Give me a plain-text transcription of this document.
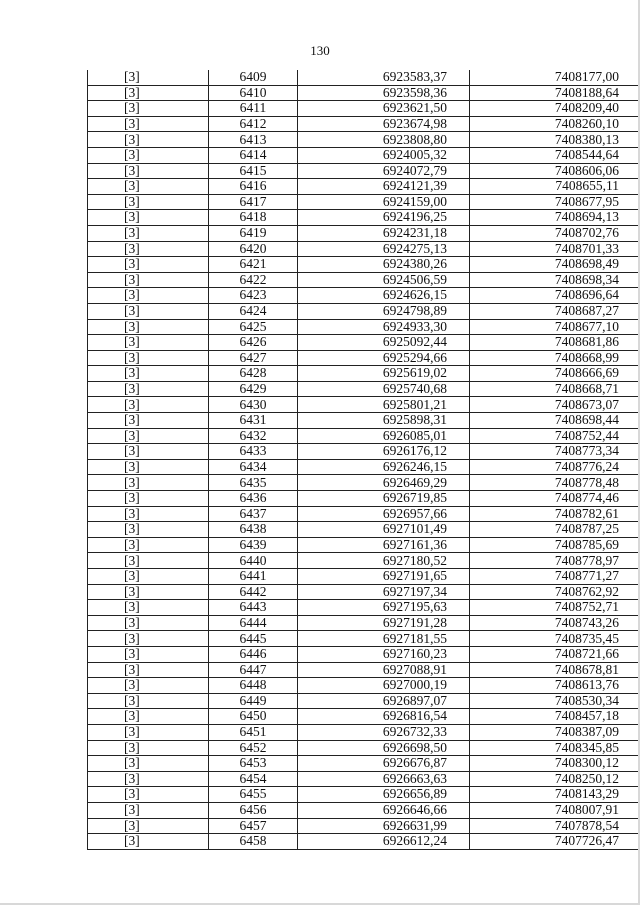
130
[3]	6409	6923583,37	7408177,00
[3]	6410	6923598,36	7408188,64
[3]	6411	6923621,50	7408209,40
[3]	6412	6923674,98	7408260,10
[3]	6413	6923808,80	7408380,13
[3]	6414	6924005,32	7408544,64
[3]	6415	6924072,79	7408606,06
[3]	6416	6924121,39	7408655,11
[3]	6417	6924159,00	7408677,95
[3]	6418	6924196,25	7408694,13
[3]	6419	6924231,18	7408702,76
[3]	6420	6924275,13	7408701,33
[3]	6421	6924380,26	7408698,49
[3]	6422	6924506,59	7408698,34
[3]	6423	6924626,15	7408696,64
[3]	6424	6924798,89	7408687,27
[3]	6425	6924933,30	7408677,10
[3]	6426	6925092,44	7408681,86
[3]	6427	6925294,66	7408668,99
[3]	6428	6925619,02	7408666,69
[3]	6429	6925740,68	7408668,71
[3]	6430	6925801,21	7408673,07
[3]	6431	6925898,31	7408698,44
[3]	6432	6926085,01	7408752,44
[3]	6433	6926176,12	7408773,34
[3]	6434	6926246,15	7408776,24
[3]	6435	6926469,29	7408778,48
[3]	6436	6926719,85	7408774,46
[3]	6437	6926957,66	7408782,61
[3]	6438	6927101,49	7408787,25
[3]	6439	6927161,36	7408785,69
[3]	6440	6927180,52	7408778,97
[3]	6441	6927191,65	7408771,27
[3]	6442	6927197,34	7408762,92
[3]	6443	6927195,63	7408752,71
[3]	6444	6927191,28	7408743,26
[3]	6445	6927181,55	7408735,45
[3]	6446	6927160,23	7408721,66
[3]	6447	6927088,91	7408678,81
[3]	6448	6927000,19	7408613,76
[3]	6449	6926897,07	7408530,34
[3]	6450	6926816,54	7408457,18
[3]	6451	6926732,33	7408387,09
[3]	6452	6926698,50	7408345,85
[3]	6453	6926676,87	7408300,12
[3]	6454	6926663,63	7408250,12
[3]	6455	6926656,89	7408143,29
[3]	6456	6926646,66	7408007,91
[3]	6457	6926631,99	7407878,54
[3]	6458	6926612,24	7407726,47
